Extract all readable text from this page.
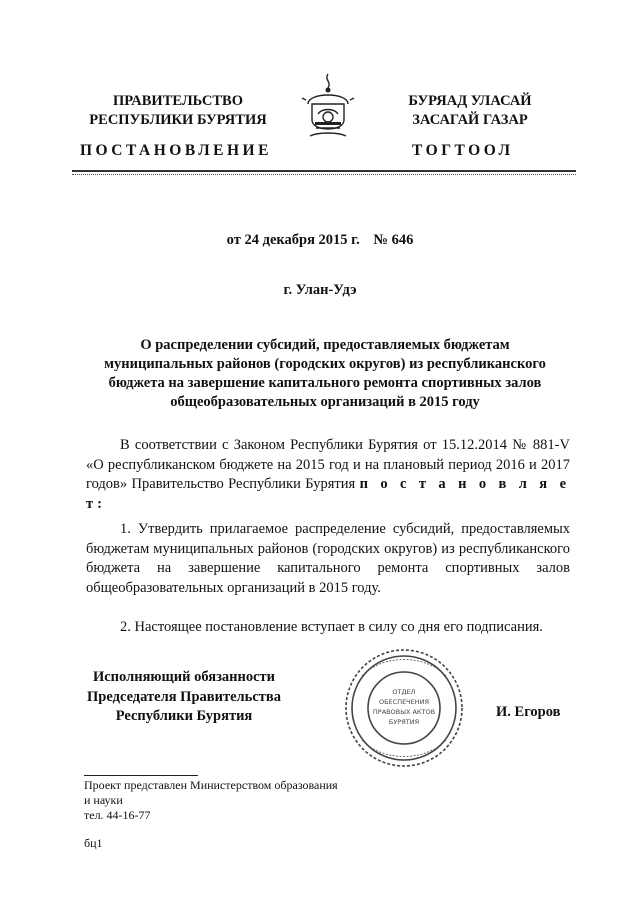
ПРАВИТЕЛЬСТВО
РЕСПУБЛИКИ БУРЯТИЯ
БУРЯАД УЛАСАЙ
ЗАСАГАЙ ГАЗАР
ПОСТАНОВЛЕНИЕ	ТОГТООЛ
от 24 декабря 2015 г. № 646
г. Улан-Удэ
О распределении субсидий, предоставляемых бюджетам муниципальных районов (городских округов) из республиканского бюджета на завершение капитального ремонта спортивных залов общеобразовательных организаций в 2015 году
В соответствии с Законом Республики Бурятия от 15.12.2014 № 881-V «О республиканском бюджете на 2015 год и на плановый период 2016 и 2017 годов» Правительство Республики Бурятия п о с т а н о в л я е т:
1. Утвердить прилагаемое распределение субсидий, предоставляемых бюджетам муниципальных районов (городских округов) из республиканского бюджета на завершение капитального ремонта спортивных залов общеобразовательных организаций в 2015 году.
2. Настоящее постановление вступает в силу со дня его подписания.
Исполняющий обязанности
Председателя Правительства
Республики Бурятия
ОТДЕЛ
ОБЕСПЕЧЕНИЯ
ПРАВОВЫХ АКТОВ
БУРЯТИЯ
И. Егоров
Проект представлен Министерством образования
и науки
тел. 44-16-77
бц1
